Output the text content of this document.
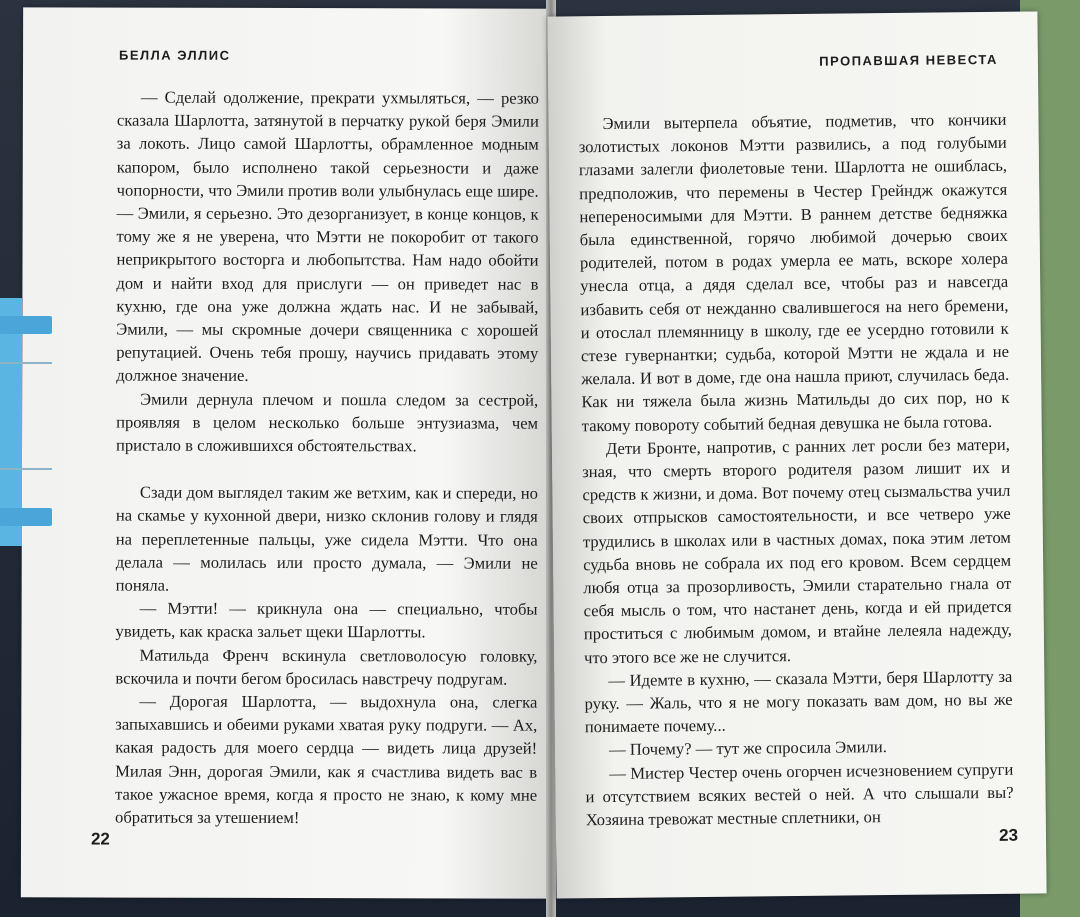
БЕЛЛА ЭЛЛИС

— Сделай одолжение, прекрати ухмыляться, — резко сказала Шарлотта, затянутой в перчатку рукой беря Эмили за локоть. Лицо самой Шарлотты, обрамленное модным капором, было исполнено такой серьезности и даже чопорности, что Эмили против воли улыбнулась еще шире. — Эмили, я серьезно. Это дезорганизует, в конце концов, к тому же я не уверена, что Мэтти не покоробит от такого неприкрытого восторга и любопытства. Нам надо обойти дом и найти вход для прислуги — он приведет нас в кухню, где она уже должна ждать нас. И не забывай, Эмили, — мы скромные дочери священника с хорошей репутацией. Очень тебя прошу, научись придавать этому должное значение.

Эмили дернула плечом и пошла следом за сестрой, проявляя в целом несколько больше энтузиазма, чем пристало в сложившихся обстоятельствах.

Сзади дом выглядел таким же ветхим, как и спереди, но на скамье у кухонной двери, низко склонив голову и глядя на переплетенные пальцы, уже сидела Мэтти. Что она делала — молилась или просто думала, — Эмили не поняла.

— Мэтти! — крикнула она — специально, чтобы увидеть, как краска зальет щеки Шарлотты.

Матильда Френч вскинула светловолосую головку, вскочила и почти бегом бросилась навстречу подругам.

— Дорогая Шарлотта, — выдохнула она, слегка запыхавшись и обеими руками хватая руку подруги. — Ах, какая радость для моего сердца — видеть лица друзей! Милая Энн, дорогая Эмили, как я счастлива видеть вас в такое ужасное время, когда я просто не знаю, к кому мне обратиться за утешением!

22
ПРОПАВШАЯ НЕВЕСТА

Эмили вытерпела объятие, подметив, что кончики золотистых локонов Мэтти развились, а под голубыми глазами залегли фиолетовые тени. Шарлотта не ошиблась, предположив, что перемены в Честер Грейндж окажутся непереносимыми для Мэтти. В раннем детстве бедняжка была единственной, горячо любимой дочерью своих родителей, потом в родах умерла ее мать, вскоре холера унесла отца, а дядя сделал все, чтобы раз и навсегда избавить себя от нежданно свалившегося на него бремени, и отослал племянницу в школу, где ее усердно готовили к стезе гувернантки; судьба, которой Мэтти не ждала и не желала. И вот в доме, где она нашла приют, случилась беда. Как ни тяжела была жизнь Матильды до сих пор, но к такому повороту событий бедная девушка не была готова.

Дети Бронте, напротив, с ранних лет росли без матери, зная, что смерть второго родителя разом лишит их и средств к жизни, и дома. Вот почему отец сызмальства учил своих отпрысков самостоятельности, и все четверо уже трудились в школах или в частных домах, пока этим летом судьба вновь не собрала их под его кровом. Всем сердцем любя отца за прозорливость, Эмили старательно гнала от себя мысль о том, что настанет день, когда и ей придется проститься с любимым домом, и втайне лелеяла надежду, что этого все же не случится.

— Идемте в кухню, — сказала Мэтти, беря Шарлотту за руку. — Жаль, что я не могу показать вам дом, но вы же понимаете почему...

— Почему? — тут же спросила Эмили.

— Мистер Честер очень огорчен исчезновением супруги и отсутствием всяких вестей о ней. А что слышали вы? Хозяина тревожат местные сплетники, он

23
